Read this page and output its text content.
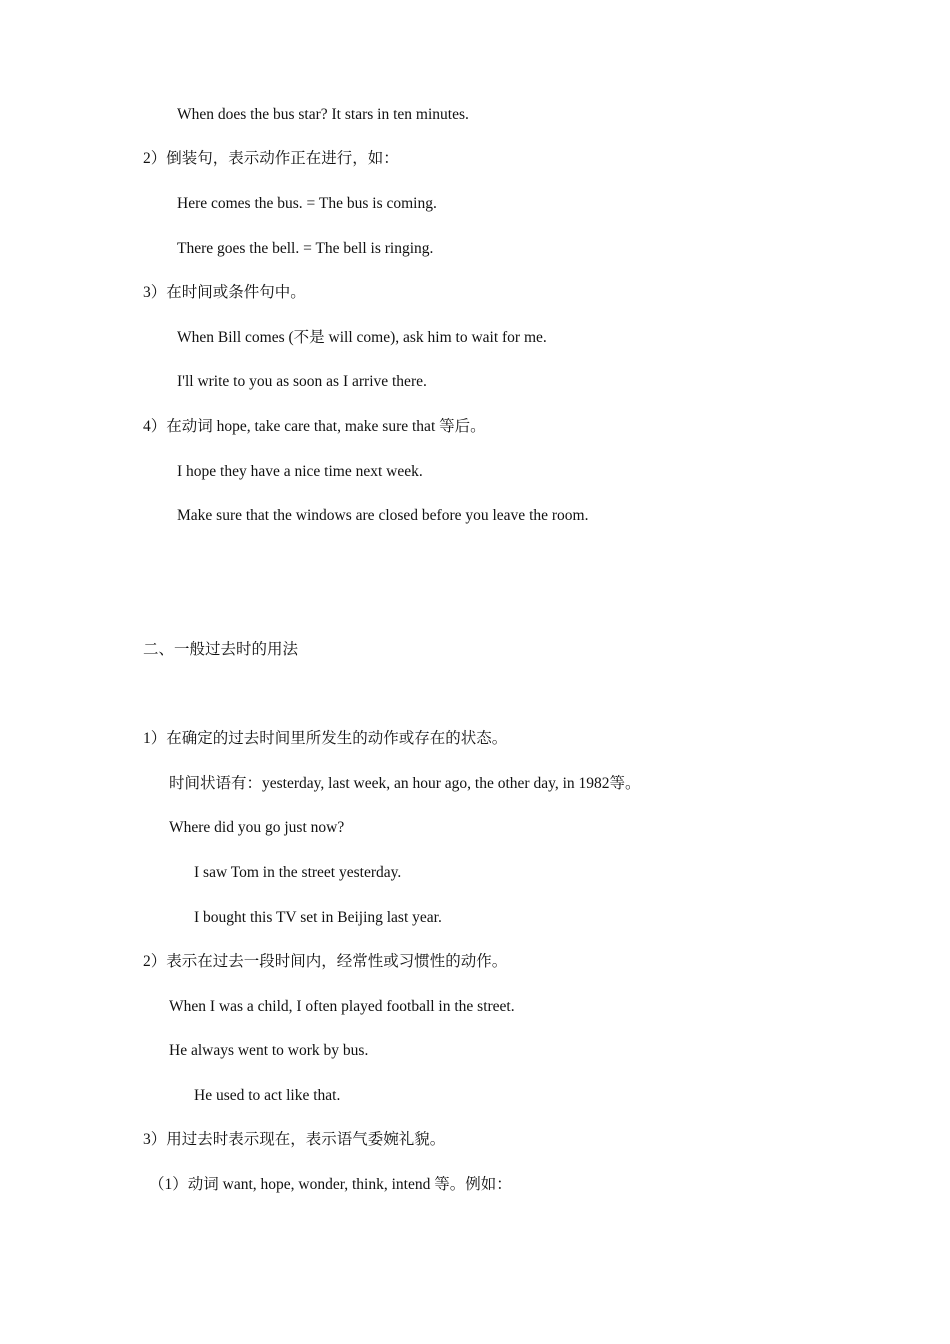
When does the bus star? It stars in ten minutes.
2）倒装句，表示动作正在进行，如：
Here comes the bus. = The bus is coming.
There goes the bell. = The bell is ringing.
3）在时间或条件句中。
When Bill comes (不是 will come), ask him to wait for me.
I'll write to you as soon as I arrive there.
4）在动词 hope, take care that, make sure that 等后。
I hope they have a nice time next week.
Make sure that the windows are closed before you leave the room.
二、一般过去时的用法
1）在确定的过去时间里所发生的动作或存在的状态。
时间状语有：yesterday, last week, an hour ago, the other day, in 1982等。
Where did you go just now?
I saw Tom in the street yesterday.
I bought this TV set in Beijing last year.
2）表示在过去一段时间内，经常性或习惯性的动作。
When I was a child, I often played football in the street.
He always went to work by bus.
He used to act like that.
3）用过去时表示现在，表示语气委婉礼貌。
（1）动词 want, hope, wonder, think, intend 等。例如：
